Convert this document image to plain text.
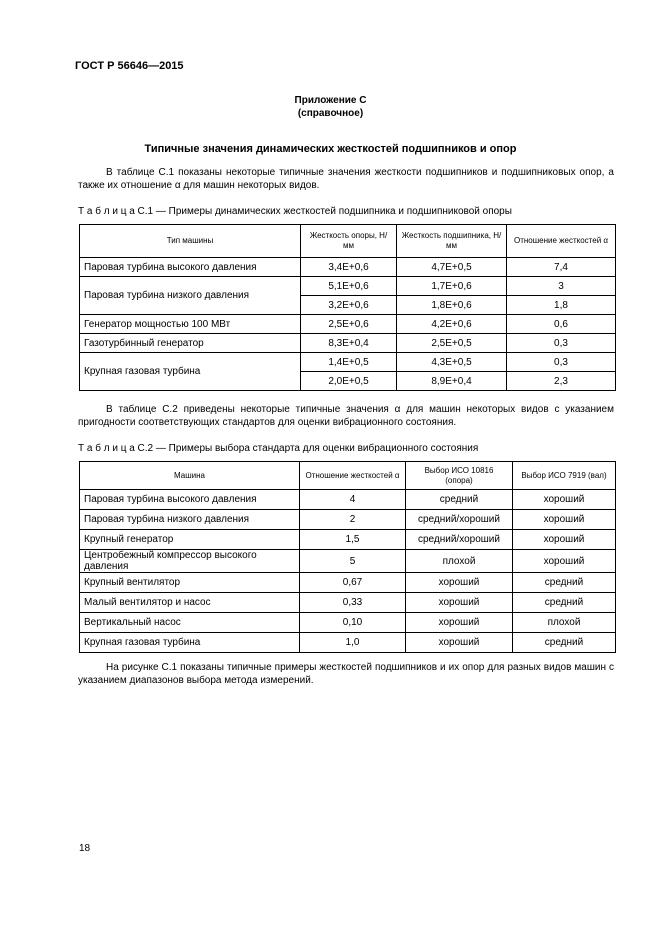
ГОСТ Р 56646—2015
Приложение С
(справочное)
Типичные значения динамических жесткостей подшипников и опор
В таблице С.1 показаны некоторые типичные значения жесткости подшипников и подшипниковых опор, а также их отношение α для машин некоторых видов.
Т а б л и ц а С.1 — Примеры динамических жесткостей подшипника и подшипниковой опоры
Тип машины	Жесткость опоры, Н/мм	Жесткость подшипника, Н/мм	Отношение жесткостей α
Паровая турбина высокого давления	3,4Е+0,6	4,7Е+0,5	7,4
Паровая турбина низкого давления	5,1Е+0,6	1,7Е+0,6	3
	3,2Е+0,6	1,8Е+0,6	1,8
Генератор мощностью 100 МВт	2,5Е+0,6	4,2Е+0,6	0,6
Газотурбинный генератор	8,3Е+0,4	2,5Е+0,5	0,3
Крупная газовая турбина	1,4Е+0,5	4,3Е+0,5	0,3
	2,0Е+0,5	8,9Е+0,4	2,3
В таблице С.2 приведены некоторые типичные значения α для машин некоторых видов с указанием пригодности соответствующих стандартов для оценки вибрационного состояния.
Т а б л и ц а С.2 — Примеры выбора стандарта для оценки вибрационного состояния
Машина	Отношение жесткостей α	Выбор ИСО 10816 (опора)	Выбор ИСО 7919 (вал)
Паровая турбина высокого давления	4	средний	хороший
Паровая турбина низкого давления	2	средний/хороший	хороший
Крупный генератор	1,5	средний/хороший	хороший
Центробежный компрессор высокого давления	5	плохой	хороший
Крупный вентилятор	0,67	хороший	средний
Малый вентилятор и насос	0,33	хороший	средний
Вертикальный насос	0,10	хороший	плохой
Крупная газовая турбина	1,0	хороший	средний
На рисунке С.1 показаны типичные примеры жесткостей подшипников и их опор для разных видов машин с указанием диапазонов выбора метода измерений.
18
